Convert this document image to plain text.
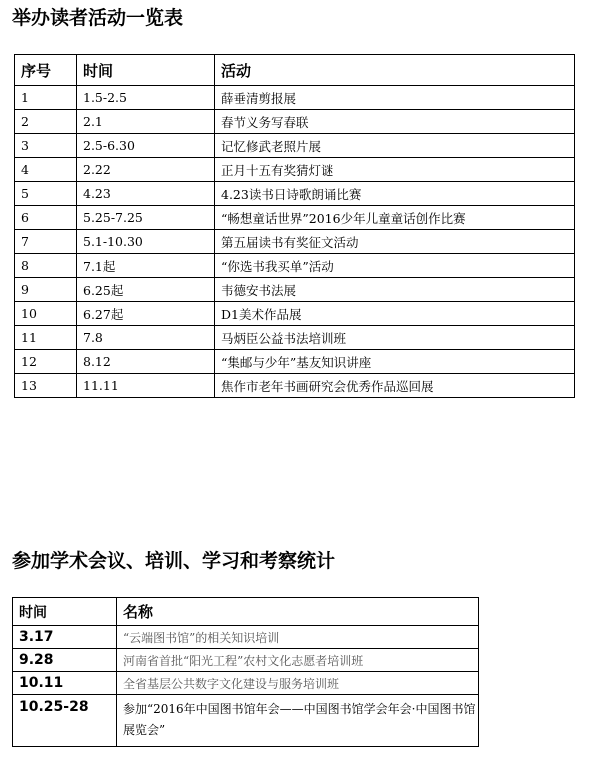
举办读者活动一览表
序号	时间	活动
1	1.5-2.5	薛垂清剪报展
2	2.1	春节义务写春联
3	2.5-6.30	记忆修武老照片展
4	2.22	正月十五有奖猜灯谜
5	4.23	4.23读书日诗歌朗诵比赛
6	5.25-7.25	“畅想童话世界”2016少年儿童童话创作比赛
7	5.1-10.30	第五届读书有奖征文活动
8	7.1起	“你选书我买单”活动
9	6.25起	韦德安书法展
10	6.27起	D1美术作品展
11	7.8	马炳臣公益书法培训班
12	8.12	“集邮与少年”基友知识讲座
13	11.11	焦作市老年书画研究会优秀作品巡回展
参加学术会议、培训、学习和考察统计
时间	名称
3.17	“云端图书馆”的相关知识培训
9.28	河南省首批“阳光工程”农村文化志愿者培训班
10.11	全省基层公共数字文化建设与服务培训班
10.25-28	参加“2016年中国图书馆年会——中国图书馆学会年会·中国图书馆展览会”
